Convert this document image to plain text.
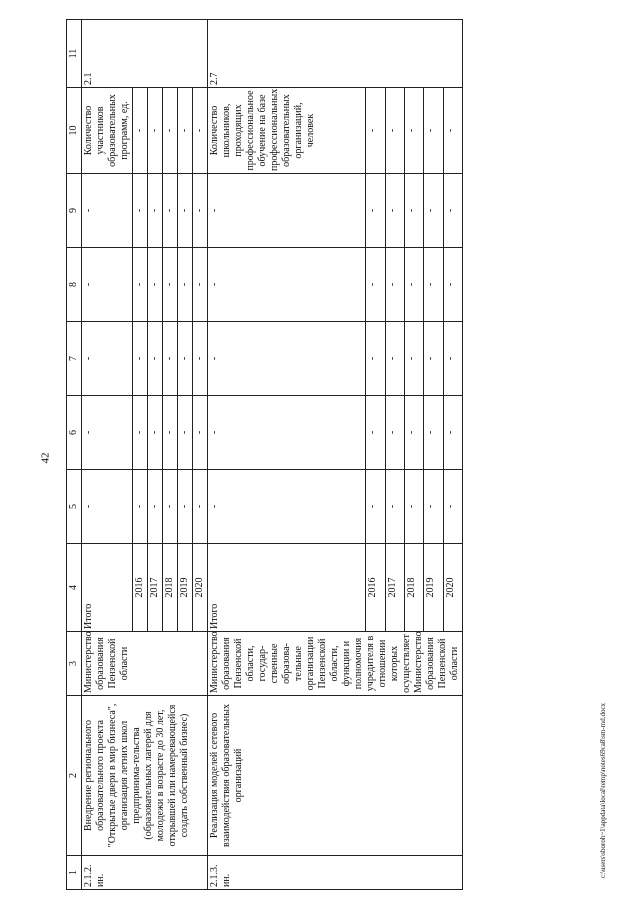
42
c:\users\sboroh~1\appdata\local\temp\notes69ca8\sm-md.docx
1	2	3	4	5	6	7	8	9	10	11

2.1.2. ин.	Внедрение регионального образовательного проекта "Открытые двери в мир бизнеса", организация летних школ предпринима-тельства (образовательных лагерей для молодежи в возрасте до 30 лет, открывшей или намеревающейся создать собственный бизнес)	Министерство образования Пензенской области	Итого	-	-	-	-	-	Количество участников образовательных программ, ед.	2.1
			2016	-	-	-	-	-	-	
			2017	-	-	-	-	-	-	
			2018	-	-	-	-	-	-	
			2019	-	-	-	-	-	-	
			2020	-	-	-	-	-	-	

2.1.3. ин.	Реализация моделей сетевого взаимодействия образовательных организаций	Министерство образования Пензенской области, государ-ственные образова-тельные организации Пензенской области, функции и полномочия учредителя в отношении которых осуществляет Министерство образования Пензенской области	Итого	-	-	-	-	-	Количество школьников, проходящих профессиональное обучение на базе профессиональных образовательных организаций, человек	2.7
			2016	-	-	-	-	-	-	
			2017	-	-	-	-	-	-	
			2018	-	-	-	-	-	-	
			2019	-	-	-	-	-	-	
			2020	-	-	-	-	-	-	
